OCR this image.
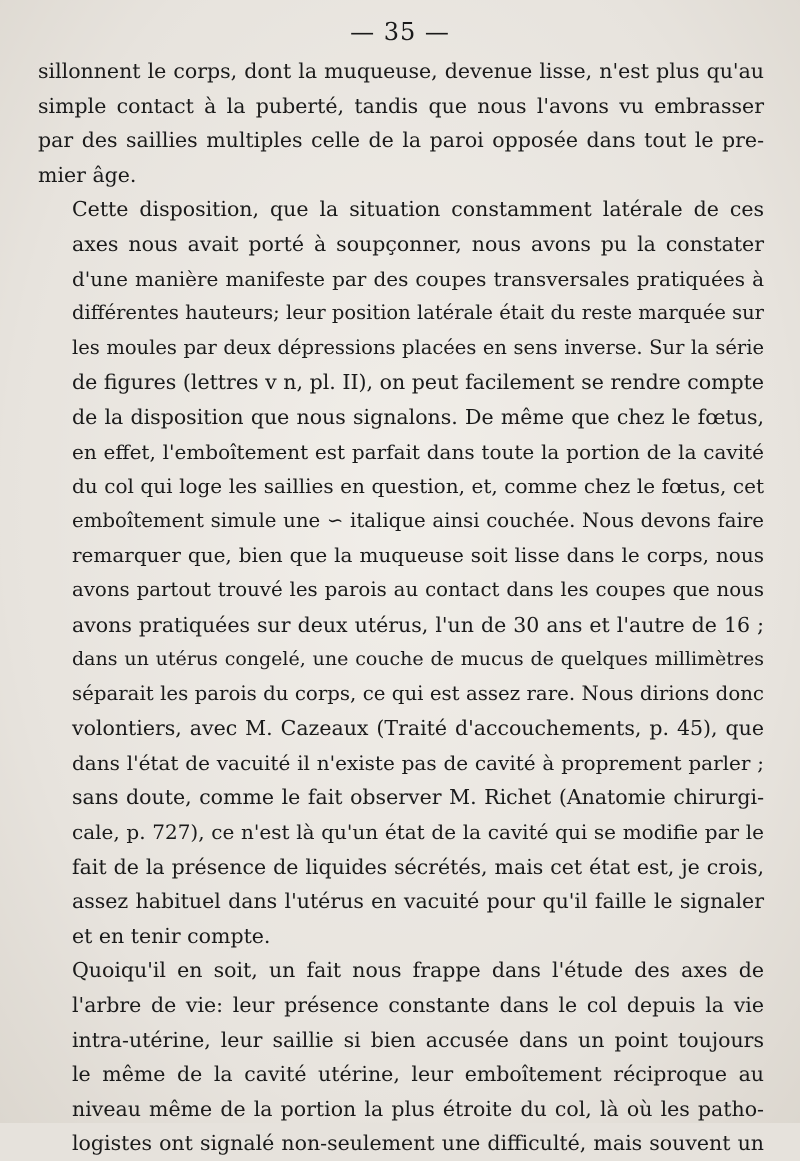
— 35 —

sillonnent le corps, dont la muqueuse, devenue lisse, n'est plus qu'au
simple contact à la puberté, tandis que nous l'avons vu embrasser
par des saillies multiples celle de la paroi opposée dans tout le pre-
mier âge.

Cette disposition, que la situation constamment latérale de ces
axes nous avait porté à soupçonner, nous avons pu la constater
d'une manière manifeste par des coupes transversales pratiquées à
différentes hauteurs; leur position latérale était du reste marquée sur
les moules par deux dépressions placées en sens inverse. Sur la série
de figures (lettres v n, pl. II), on peut facilement se rendre compte
de la disposition que nous signalons. De même que chez le fœtus,
en effet, l'emboîtement est parfait dans toute la portion de la cavité
du col qui loge les saillies en question, et, comme chez le fœtus, cet
emboîtement simule une ∽ italique ainsi couchée. Nous devons faire
remarquer que, bien que la muqueuse soit lisse dans le corps, nous
avons partout trouvé les parois au contact dans les coupes que nous
avons pratiquées sur deux utérus, l'un de 30 ans et l'autre de 16 ;
dans un utérus congelé, une couche de mucus de quelques millimètres
séparait les parois du corps, ce qui est assez rare. Nous dirions donc
volontiers, avec M. Cazeaux (Traité d'accouchements, p. 45), que
dans l'état de vacuité il n'existe pas de cavité à proprement parler ;
sans doute, comme le fait observer M. Richet (Anatomie chirurgi-
cale, p. 727), ce n'est là qu'un état de la cavité qui se modifie par le
fait de la présence de liquides sécrétés, mais cet état est, je crois,
assez habituel dans l'utérus en vacuité pour qu'il faille le signaler
et en tenir compte.

Quoiqu'il en soit, un fait nous frappe dans l'étude des axes de
l'arbre de vie: leur présence constante dans le col depuis la vie
intra-utérine, leur saillie si bien accusée dans un point toujours
le même de la cavité utérine, leur emboîtement réciproque au
niveau même de la portion la plus étroite du col, là où les patho-
logistes ont signalé non-seulement une difficulté, mais souvent un
